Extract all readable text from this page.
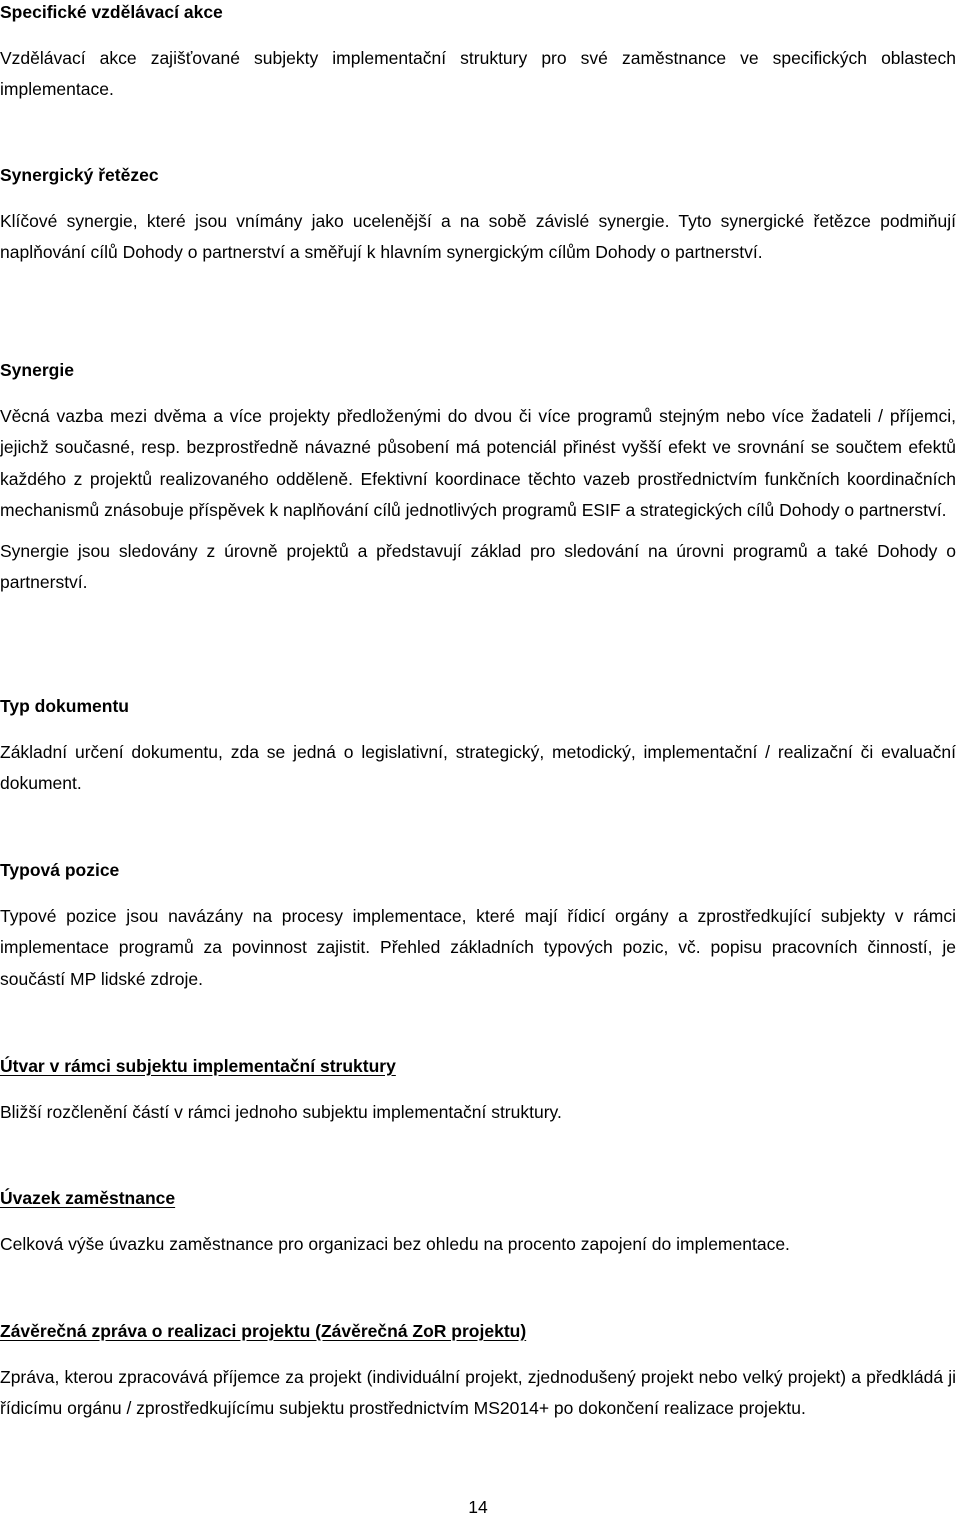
Specifické vzdělávací akce

Vzdělávací akce zajišťované subjekty implementační struktury pro své zaměstnance ve specifických oblastech implementace.

Synergický řetězec

Klíčové synergie, které jsou vnímány jako ucelenější a na sobě závislé synergie. Tyto synergické řetězce podmiňují naplňování cílů Dohody o partnerství a směřují k hlavním synergickým cílům Dohody o partnerství.

Synergie

Věcná vazba mezi dvěma a více projekty předloženými do dvou či více programů stejným nebo více žadateli / příjemci, jejichž současné, resp. bezprostředně návazné působení má potenciál přinést vyšší efekt ve srovnání se součtem efektů každého z projektů realizovaného odděleně. Efektivní koordinace těchto vazeb prostřednictvím funkčních koordinačních mechanismů znásobuje příspěvek k naplňování cílů jednotlivých programů ESIF a strategických cílů Dohody o partnerství.

Synergie jsou sledovány z úrovně projektů a představují základ pro sledování na úrovni programů a také Dohody o partnerství.

Typ dokumentu

Základní určení dokumentu, zda se jedná o legislativní, strategický, metodický, implementační / realizační či evaluační dokument.

Typová pozice

Typové pozice jsou navázány na procesy implementace, které mají řídicí orgány a zprostředkující subjekty v rámci implementace programů za povinnost zajistit. Přehled základních typových pozic, vč. popisu pracovních činností, je součástí MP lidské zdroje.

Útvar v rámci subjektu implementační struktury

Bližší rozčlenění částí v rámci jednoho subjektu implementační struktury.

Úvazek zaměstnance

Celková výše úvazku zaměstnance pro organizaci bez ohledu na procento zapojení do implementace.

Závěrečná zpráva o realizaci projektu (Závěrečná ZoR projektu)

Zpráva, kterou zpracovává příjemce za projekt (individuální projekt, zjednodušený projekt nebo velký projekt) a předkládá ji řídicímu orgánu / zprostředkujícímu subjektu prostřednictvím MS2014+ po dokončení realizace projektu.

14
